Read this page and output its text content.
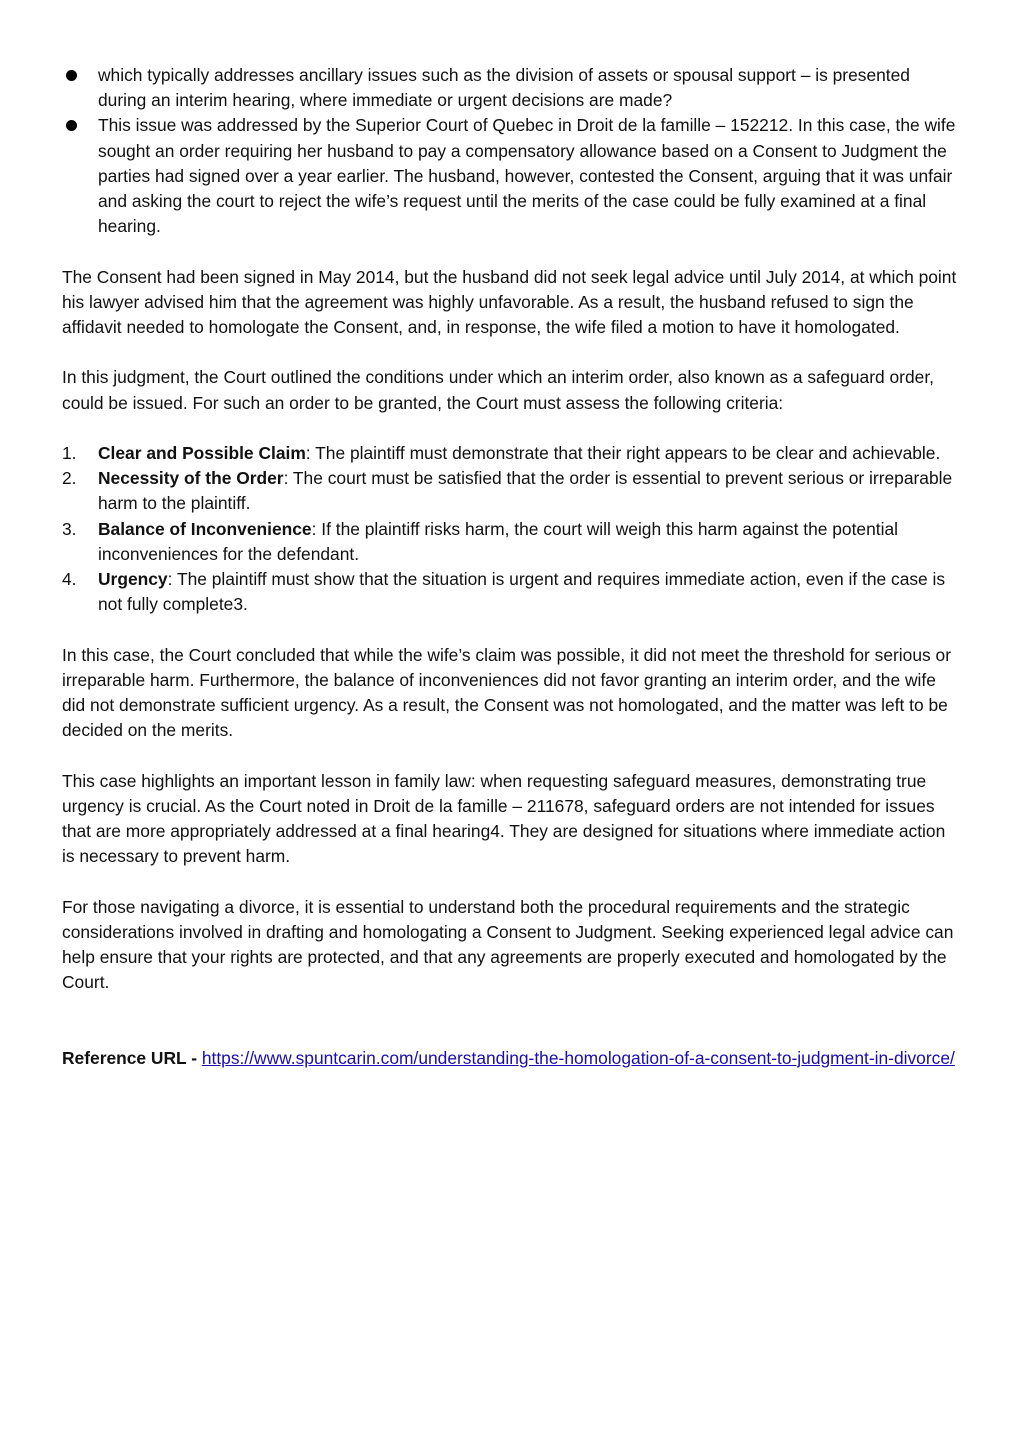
which typically addresses ancillary issues such as the division of assets or spousal support – is presented during an interim hearing, where immediate or urgent decisions are made?
This issue was addressed by the Superior Court of Quebec in Droit de la famille – 152212. In this case, the wife sought an order requiring her husband to pay a compensatory allowance based on a Consent to Judgment the parties had signed over a year earlier. The husband, however, contested the Consent, arguing that it was unfair and asking the court to reject the wife’s request until the merits of the case could be fully examined at a final hearing.

The Consent had been signed in May 2014, but the husband did not seek legal advice until July 2014, at which point his lawyer advised him that the agreement was highly unfavorable. As a result, the husband refused to sign the affidavit needed to homologate the Consent, and, in response, the wife filed a motion to have it homologated.

In this judgment, the Court outlined the conditions under which an interim order, also known as a safeguard order, could be issued. For such an order to be granted, the Court must assess the following criteria:

1. Clear and Possible Claim: The plaintiff must demonstrate that their right appears to be clear and achievable.
2. Necessity of the Order: The court must be satisfied that the order is essential to prevent serious or irreparable harm to the plaintiff.
3. Balance of Inconvenience: If the plaintiff risks harm, the court will weigh this harm against the potential inconveniences for the defendant.
4. Urgency: The plaintiff must show that the situation is urgent and requires immediate action, even if the case is not fully complete3.

In this case, the Court concluded that while the wife’s claim was possible, it did not meet the threshold for serious or irreparable harm. Furthermore, the balance of inconveniences did not favor granting an interim order, and the wife did not demonstrate sufficient urgency. As a result, the Consent was not homologated, and the matter was left to be decided on the merits.

This case highlights an important lesson in family law: when requesting safeguard measures, demonstrating true urgency is crucial. As the Court noted in Droit de la famille – 211678, safeguard orders are not intended for issues that are more appropriately addressed at a final hearing4. They are designed for situations where immediate action is necessary to prevent harm.

For those navigating a divorce, it is essential to understand both the procedural requirements and the strategic considerations involved in drafting and homologating a Consent to Judgment. Seeking experienced legal advice can help ensure that your rights are protected, and that any agreements are properly executed and homologated by the Court.

Reference URL - https://www.spuntcarin.com/understanding-the-homologation-of-a-consent-to-judgment-in-divorce/
